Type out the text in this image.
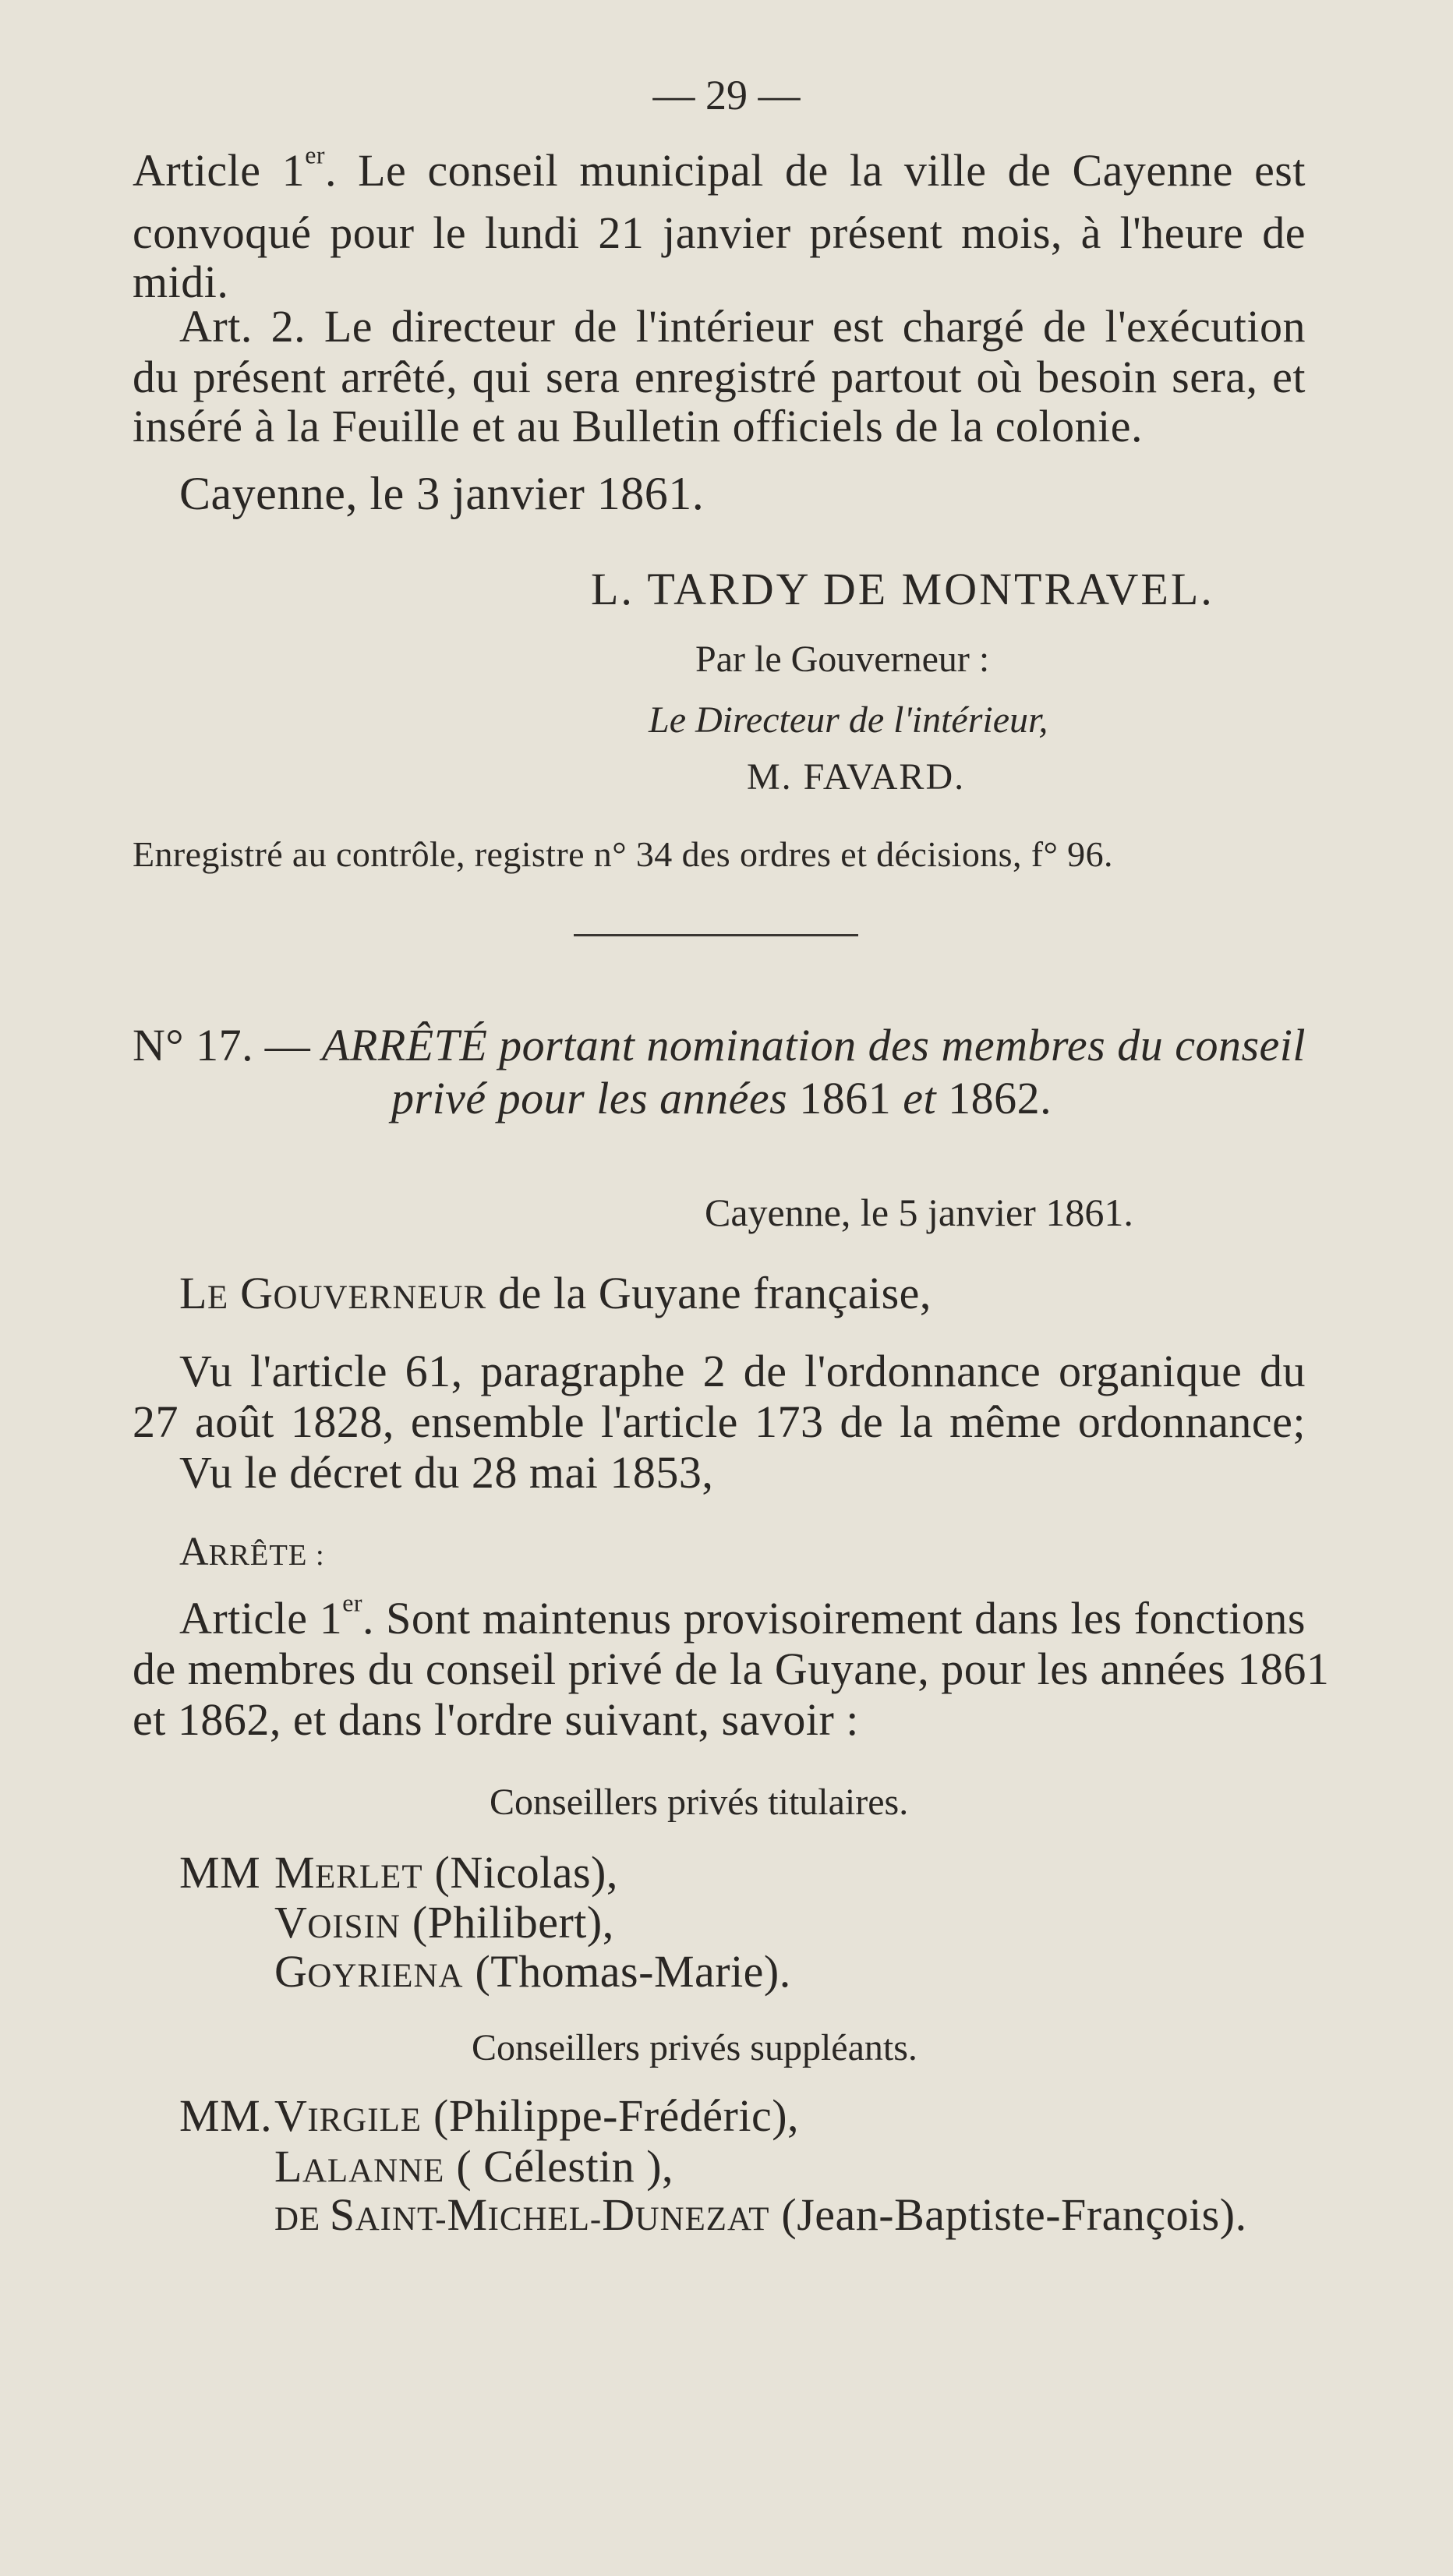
— 29 —
Article 1er. Le conseil municipal de la ville de Cayenne est
convoqué pour le lundi 21 janvier présent mois, à l'heure de
midi.
Art. 2. Le directeur de l'intérieur est chargé de l'exécution
du présent arrêté, qui sera enregistré partout où besoin sera, et
inséré à la Feuille et au Bulletin officiels de la colonie.
Cayenne, le 3 janvier 1861.
L. TARDY DE MONTRAVEL.
Par le Gouverneur :
Le Directeur de l'intérieur,
M. FAVARD.
Enregistré au contrôle, registre n° 34 des ordres et décisions, f° 96.
N° 17. — ARRÊTÉ portant nomination des membres du conseil
privé pour les années 1861 et 1862.
Cayenne, le 5 janvier 1861.
LE GOUVERNEUR de la Guyane française,
Vu l'article 61, paragraphe 2 de l'ordonnance organique du
27 août 1828, ensemble l'article 173 de la même ordonnance;
Vu le décret du 28 mai 1853,
ARRÊTE :
Article 1er. Sont maintenus provisoirement dans les fonctions
de membres du conseil privé de la Guyane, pour les années 1861
et 1862, et dans l'ordre suivant, savoir :
Conseillers privés titulaires.
MM MERLET (Nicolas),
VOISIN (Philibert),
GOYRIENA (Thomas-Marie).
Conseillers privés suppléants.
MM. VIRGILE (Philippe-Frédéric),
LALANNE ( Célestin ),
DE SAINT-MICHEL-DUNEZAT (Jean-Baptiste-François).
